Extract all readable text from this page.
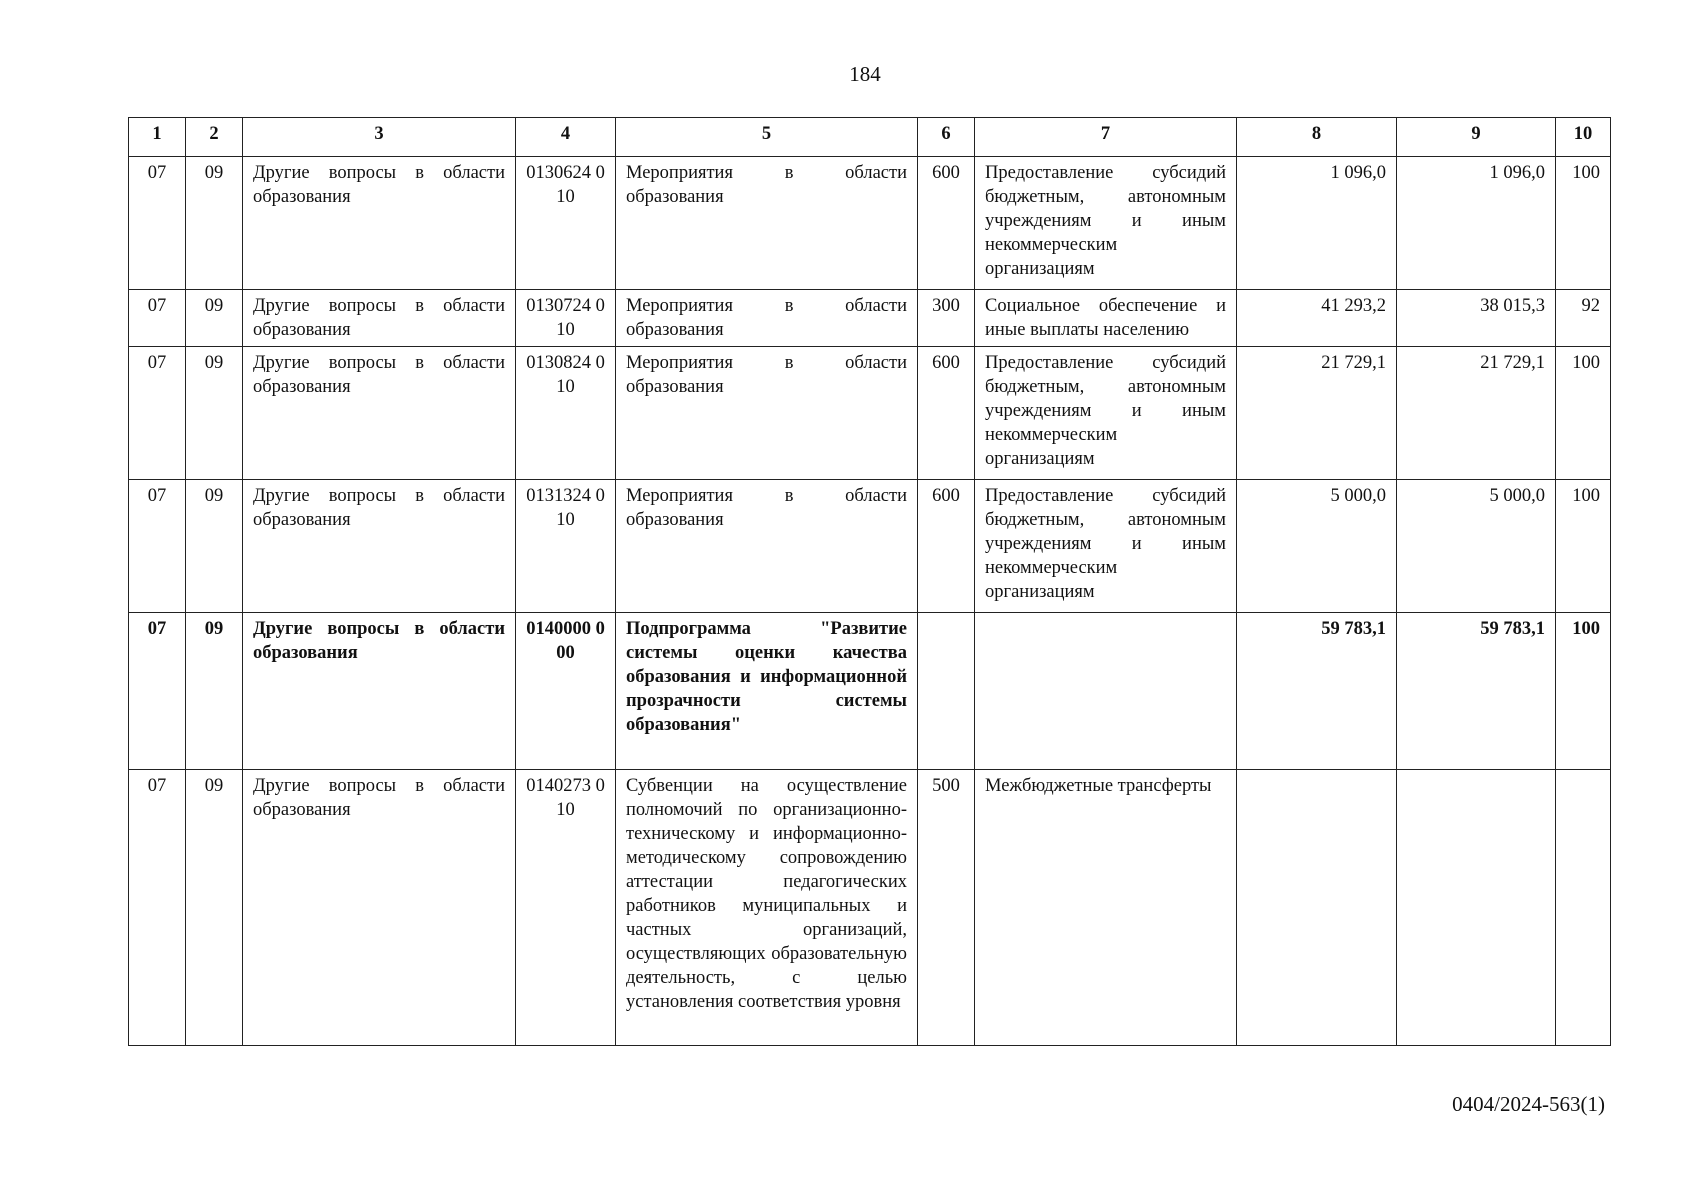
184
1	2	3	4	5	6	7	8	9	10
07	09	Другие вопросы в области образования	0130624 010	Мероприятия в области образования	600	Предоставление субсидий бюджетным, автономным учреждениям и иным некоммерческим организациям	1 096,0	1 096,0	100
07	09	Другие вопросы в области образования	0130724 010	Мероприятия в области образования	300	Социальное обеспечение и иные выплаты населению	41 293,2	38 015,3	92
07	09	Другие вопросы в области образования	0130824 010	Мероприятия в области образования	600	Предоставление субсидий бюджетным, автономным учреждениям и иным некоммерческим организациям	21 729,1	21 729,1	100
07	09	Другие вопросы в области образования	0131324 010	Мероприятия в области образования	600	Предоставление субсидий бюджетным, автономным учреждениям и иным некоммерческим организациям	5 000,0	5 000,0	100
07	09	Другие вопросы в области образования	0140000 000	Подпрограмма "Развитие системы оценки качества образования и информационной прозрачности системы образования"			59 783,1	59 783,1	100
07	09	Другие вопросы в области образования	0140273 010	Субвенции на осуществление полномочий по организационно-техническому и информационно-методическому сопровождению аттестации педагогических работников муниципальных и частных организаций, осуществляющих образовательную деятельность, с целью установления соответствия уровня	500	Межбюджетные трансферты			
0404/2024-563(1)
